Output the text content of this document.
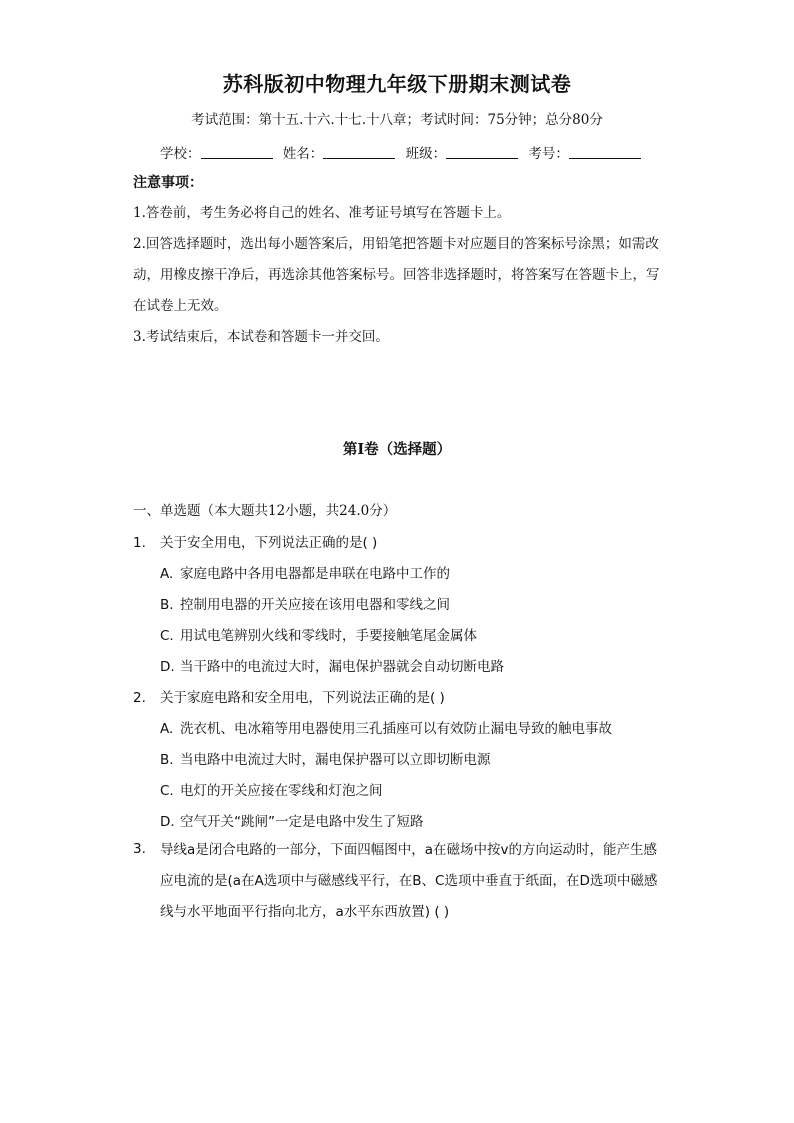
苏科版初中物理九年级下册期末测试卷
考试范围：第十五.十六.十七.十八章；考试时间：75分钟；总分80分
学校：	姓名：	班级：	考号：
注意事项：
1.答卷前，考生务必将自己的姓名、准考证号填写在答题卡上。
2.回答选择题时，选出每小题答案后，用铅笔把答题卡对应题目的答案标号涂黑；如需改动，用橡皮擦干净后，再选涂其他答案标号。回答非选择题时，将答案写在答题卡上，写在试卷上无效。
3.考试结束后，本试卷和答题卡一并交回。
第I卷（选择题）
一、单选题（本大题共12小题，共24.0分）
1. 关于安全用电，下列说法正确的是( )
A. 家庭电路中各用电器都是串联在电路中工作的
B. 控制用电器的开关应接在该用电器和零线之间
C. 用试电笔辨别火线和零线时，手要接触笔尾金属体
D. 当干路中的电流过大时，漏电保护器就会自动切断电路
2. 关于家庭电路和安全用电，下列说法正确的是( )
A. 洗衣机、电冰箱等用电器使用三孔插座可以有效防止漏电导致的触电事故
B. 当电路中电流过大时，漏电保护器可以立即切断电源
C. 电灯的开关应接在零线和灯泡之间
D. 空气开关“跳闸”一定是电路中发生了短路
3. 导线a是闭合电路的一部分，下面四幅图中，a在磁场中按v的方向运动时，能产生感应电流的是(a在A选项中与磁感线平行，在B、C选项中垂直于纸面，在D选项中磁感线与水平地面平行指向北方，a水平东西放置) ( )
